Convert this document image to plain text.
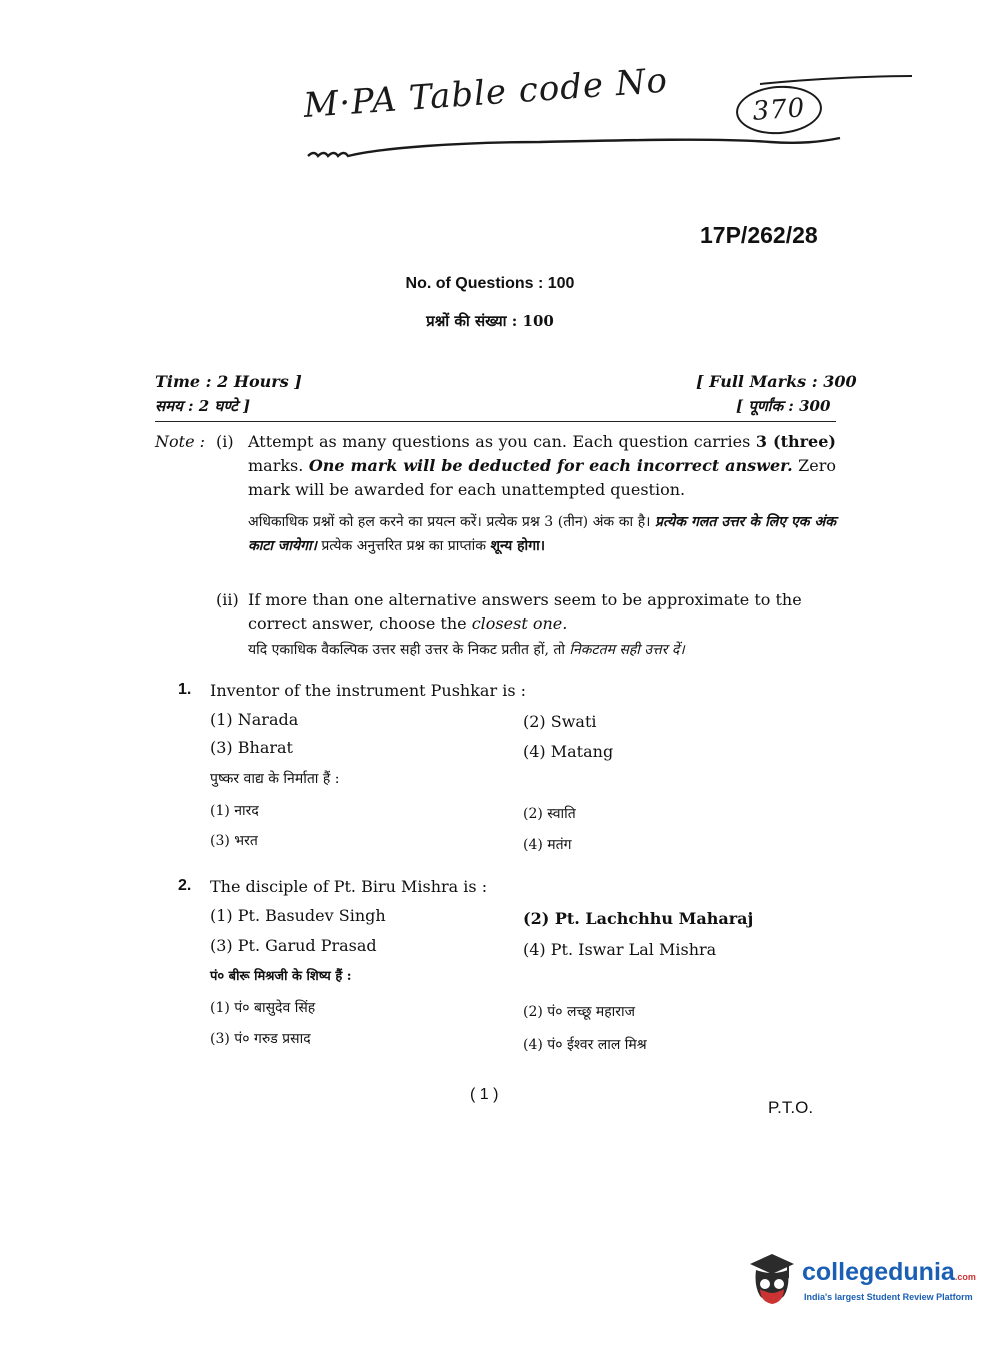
M·PA Table code No	370
17P/262/28
No. of Questions : 100
प्रश्नों की संख्या : 100
Time : 2 Hours ]
समय : 2 घण्टे ]
[ Full Marks : 300
[ पूर्णांक : 300
Note : (i) Attempt as many questions as you can. Each question carries 3 (three) marks. One mark will be deducted for each incorrect answer. Zero mark will be awarded for each unattempted question.
अधिकाधिक प्रश्नों को हल करने का प्रयत्न करें। प्रत्येक प्रश्न 3 (तीन) अंक का है। प्रत्येक गलत उत्तर के लिए एक अंक काटा जायेगा। प्रत्येक अनुत्तरित प्रश्न का प्राप्तांक शून्य होगा।
(ii) If more than one alternative answers seem to be approximate to the correct answer, choose the closest one.
यदि एकाधिक वैकल्पिक उत्तर सही उत्तर के निकट प्रतीत हों, तो निकटतम सही उत्तर दें।
1. Inventor of the instrument Pushkar is :
(1) Narada	(2) Swati
(3) Bharat	(4) Matang
पुष्कर वाद्य के निर्माता हैं :
(1) नारद	(2) स्वाति
(3) भरत	(4) मतंग
2. The disciple of Pt. Biru Mishra is :
(1) Pt. Basudev Singh	(2) Pt. Lachchhu Maharaj
(3) Pt. Garud Prasad	(4) Pt. Iswar Lal Mishra
पं० बीरू मिश्रजी के शिष्य हैं :
(1) पं० बासुदेव सिंह	(2) पं० लच्छू महाराज
(3) पं० गरुड प्रसाद	(4) पं० ईश्वर लाल मिश्र
( 1 )
P.T.O.
collegedunia.com
India's largest Student Review Platform
